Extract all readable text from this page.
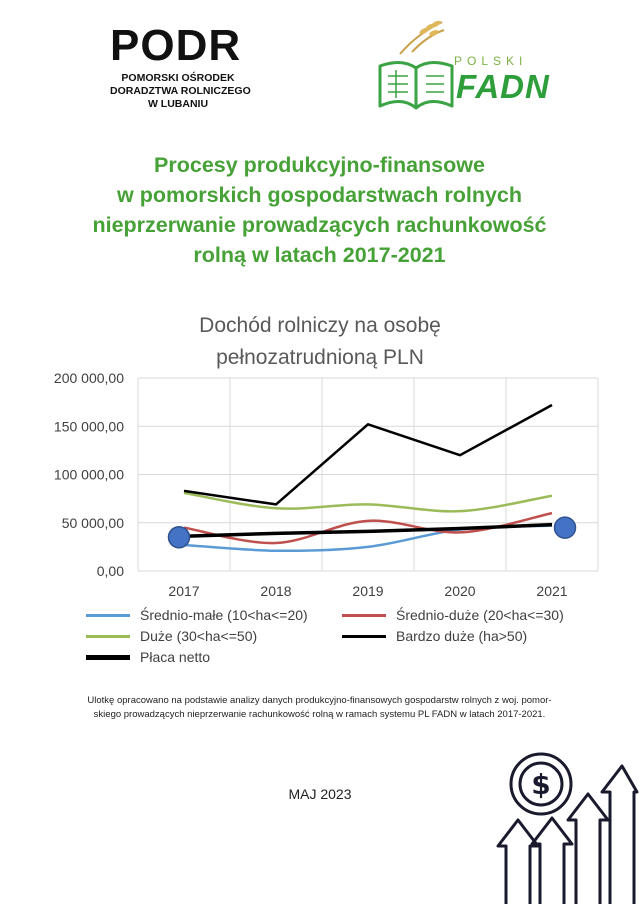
PODR
POMORSKI OŚRODEK
DORADZTWA ROLNICZEGO
W LUBANIU
POLSKI
FADN
Procesy produkcyjno-finansowe
w pomorskich gospodarstwach rolnych
nieprzerwanie prowadzących rachunkowość
rolną w latach 2017-2021
Dochód rolniczy na osobę
pełnozatrudnioną PLN
0,00
50 000,00
100 000,00
150 000,00
200 000,00
2017	2018	2019	2020	2021
Średnio-małe (10<ha<=20)	Średnio-duże (20<ha<=30)
Duże (30<ha<=50)	Bardzo duże (ha>50)
Płaca netto
Ulotkę opracowano na podstawie analizy danych produkcyjno-finansowych gospodarstw rolnych z woj. pomor-
skiego prowadzących nieprzerwanie rachunkowość rolną w ramach systemu PL FADN w latach 2017-2021.
MAJ 2023	$
